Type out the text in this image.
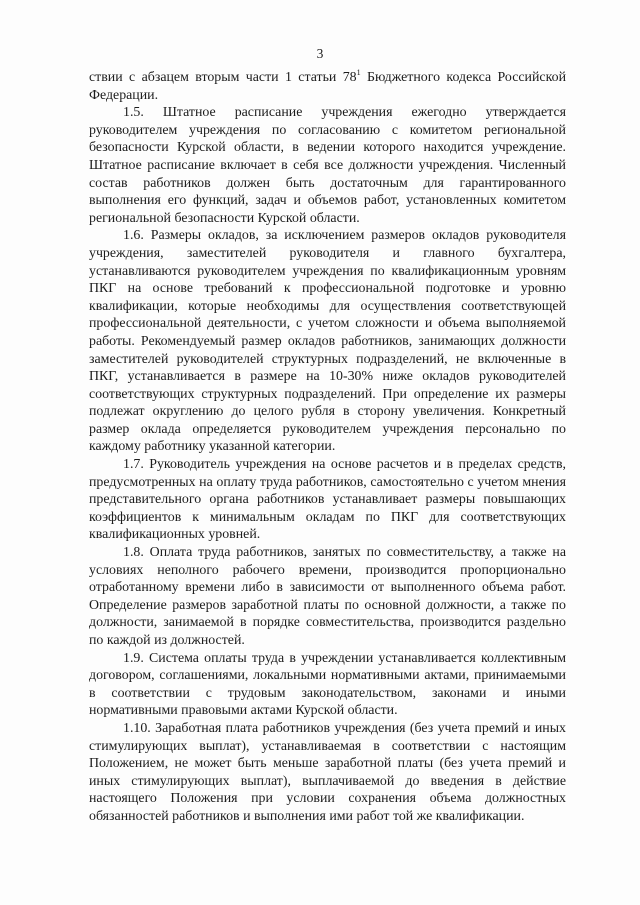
3

ствии с абзацем вторым части 1 статьи $78^1$ Бюджетного кодекса Российской Федерации.

1.5. Штатное расписание учреждения ежегодно утверждается руководителем учреждения по согласованию с комитетом региональной безопасности Курской области, в ведении которого находится учреждение. Штатное расписание включает в себя все должности учреждения. Численный состав работников должен быть достаточным для гарантированного выполнения его функций, задач и объемов работ, установленных комитетом региональной безопасности Курской области.

1.6. Размеры окладов, за исключением размеров окладов руководителя учреждения, заместителей руководителя и главного бухгалтера, устанавливаются руководителем учреждения по квалификационным уровням ПКГ на основе требований к профессиональной подготовке и уровню квалификации, которые необходимы для осуществления соответствующей профессиональной деятельности, с учетом сложности и объема выполняемой работы. Рекомендуемый размер окладов работников, занимающих должности заместителей руководителей структурных подразделений, не включенные в ПКГ, устанавливается в размере на 10-30% ниже окладов руководителей соответствующих структурных подразделений. При определение их размеры подлежат округлению до целого рубля в сторону увеличения. Конкретный размер оклада определяется руководителем учреждения персонально по каждому работнику указанной категории.

1.7. Руководитель учреждения на основе расчетов и в пределах средств, предусмотренных на оплату труда работников, самостоятельно с учетом мнения представительного органа работников устанавливает размеры повышающих коэффициентов к минимальным окладам по ПКГ для соответствующих квалификационных уровней.

1.8. Оплата труда работников, занятых по совместительству, а также на условиях неполного рабочего времени, производится пропорционально отработанному времени либо в зависимости от выполненного объема работ. Определение размеров заработной платы по основной должности, а также по должности, занимаемой в порядке совместительства, производится раздельно по каждой из должностей.

1.9. Система оплаты труда в учреждении устанавливается коллективным договором, соглашениями, локальными нормативными актами, принимаемыми в соответствии с трудовым законодательством, законами и иными нормативными правовыми актами Курской области.

1.10. Заработная плата работников учреждения (без учета премий и иных стимулирующих выплат), устанавливаемая в соответствии с настоящим Положением, не может быть меньше заработной платы (без учета премий и иных стимулирующих выплат), выплачиваемой до введения в действие настоящего Положения при условии сохранения объема должностных обязанностей работников и выполнения ими работ той же квалификации.
